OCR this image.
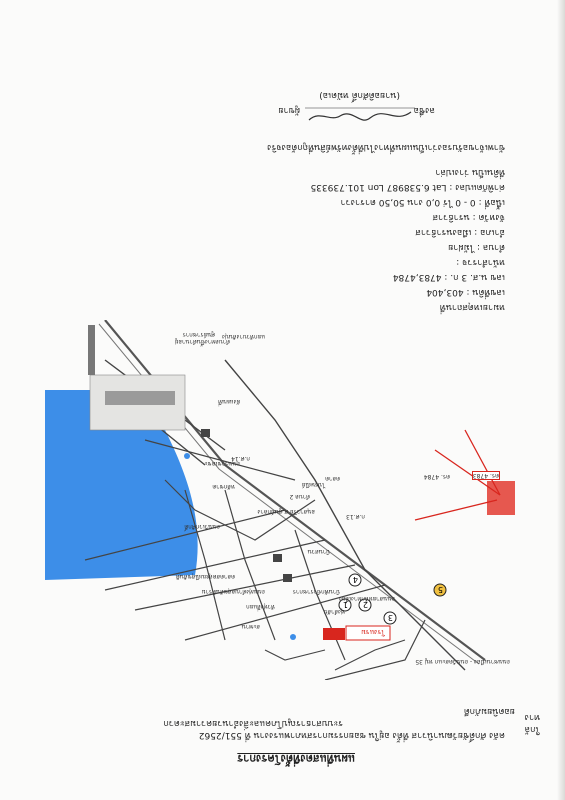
แผนที่แสดงที่ตั้งโครงการ
คลัง ศักดิ์ชัยวัฒนานิวาส ที่ตั้ง อยู่ใน ซอยกรรมการสหภาพแรงงาน ที่ 551/2562
ระบบสาธารณูปโภคและสิ่งอำนวยความสะดวก
ใกล้
ทาง
ยอดนิยมภักดี
1 2
3
4
5
โรงแรม
ตร. 4783
ตร. 4784
ศูนย์ราชการ
ตำบลทางขึ้นดำนาอยู่
ตลาดสดสุขมณีสุขสันติ
ถนนทุ่งตำบลสุขสันติราม
ก.ศ.14
ก.ศ.13
หลักชาด
อนุสาวรีย์ ศ.ศูนย์กลาง
ตำบล 2
ถนนราชเดชะ
ผังแผนที่
แยกหัวบางสันบุ่ง
หัวทุ่งสี่แยก
ทุ่งลำลับ
บ้านสวน
ถนนวิเวกศักดิ์
สะพาน
ถนนชานเมือง - ถนนวัดสะแก หมู่ 35
ไปรษณีย์
บ้านพักข้าราชการ
ตลาด
ถนนสายหลักทางเลี่ยง
หมายเหตุสถานที่
เลขที่ดิน : 403,404
เลข น.ส. 3 ก. : 4783,4784
หน้าสำรวจ :
ตำบล : ไม้ฝาย
อำเภอ : เมืองนราธิวาส
จังหวัด : นราธิวาส
เนื้อที่ : 0 - 0 ไร่ 0,0 งาน 50,50 ตารางวา
ค่าพิกัดแปลง : Lat 6.538987 Lon 101.739335
ที่ดินเป็น ว่างเปล่า
ข้าพเจ้าขอรับรองว่าเป็นแผนที่ทางไปที่ตั้งทรัพย์สินที่ถูกต้องจริง
ลงชื่อ
ผู้ขาย
(นายอดิศักดิ์ หมัดเอ)
